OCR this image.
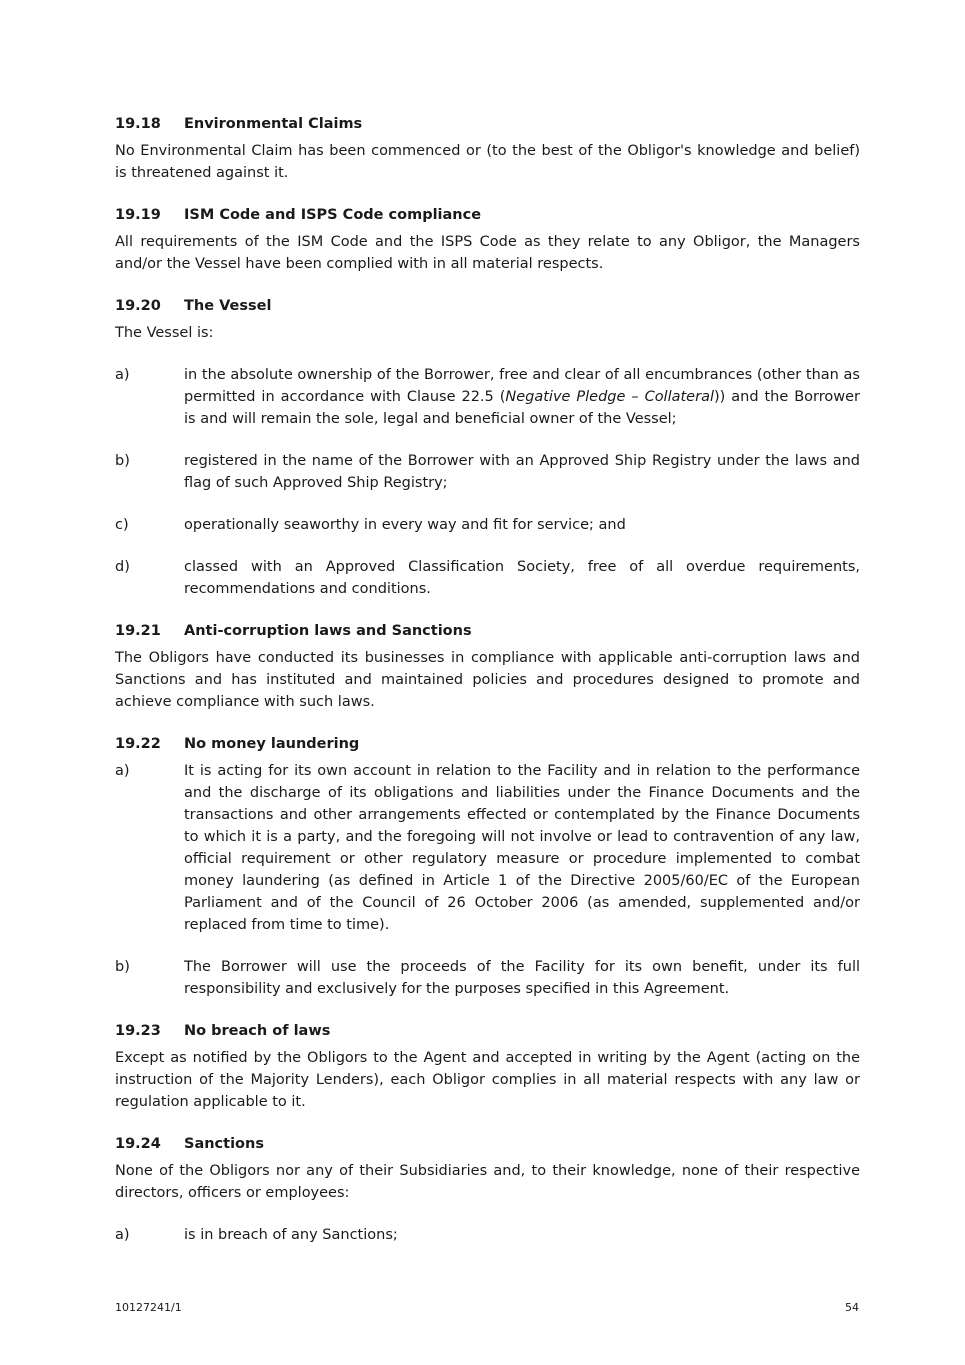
19.18	Environmental Claims

No Environmental Claim has been commenced or (to the best of the Obligor's knowledge and belief) is threatened against it.

19.19	ISM Code and ISPS Code compliance

All requirements of the ISM Code and the ISPS Code as they relate to any Obligor, the Managers and/or the Vessel have been complied with in all material respects.

19.20	The Vessel

The Vessel is:

a)	in the absolute ownership of the Borrower, free and clear of all encumbrances (other than as permitted in accordance with Clause 22.5 (Negative Pledge – Collateral)) and the Borrower is and will remain the sole, legal and beneficial owner of the Vessel;
b)	registered in the name of the Borrower with an Approved Ship Registry under the laws and flag of such Approved Ship Registry;
c)	operationally seaworthy in every way and fit for service; and
d)	classed with an Approved Classification Society, free of all overdue requirements, recommendations and conditions.
19.21	Anti-corruption laws and Sanctions

The Obligors have conducted its businesses in compliance with applicable anti-corruption laws and Sanctions and has instituted and maintained policies and procedures designed to promote and achieve compliance with such laws.

19.22	No money laundering
a)	It is acting for its own account in relation to the Facility and in relation to the performance and the discharge of its obligations and liabilities under the Finance Documents and the transactions and other arrangements effected or contemplated by the Finance Documents to which it is a party, and the foregoing will not involve or lead to contravention of any law, official requirement or other regulatory measure or procedure implemented to combat money laundering (as defined in Article 1 of the Directive 2005/60/EC of the European Parliament and of the Council of 26 October 2006 (as amended, supplemented and/or replaced from time to time).
b)	The Borrower will use the proceeds of the Facility for its own benefit, under its full responsibility and exclusively for the purposes specified in this Agreement.
19.23	No breach of laws

Except as notified by the Obligors to the Agent and accepted in writing by the Agent (acting on the instruction of the Majority Lenders), each Obligor complies in all material respects with any law or regulation applicable to it.

19.24	Sanctions

None of the Obligors nor any of their Subsidiaries and, to their knowledge, none of their respective directors, officers or employees:

a)	is in breach of any Sanctions;
10127241/1	54
